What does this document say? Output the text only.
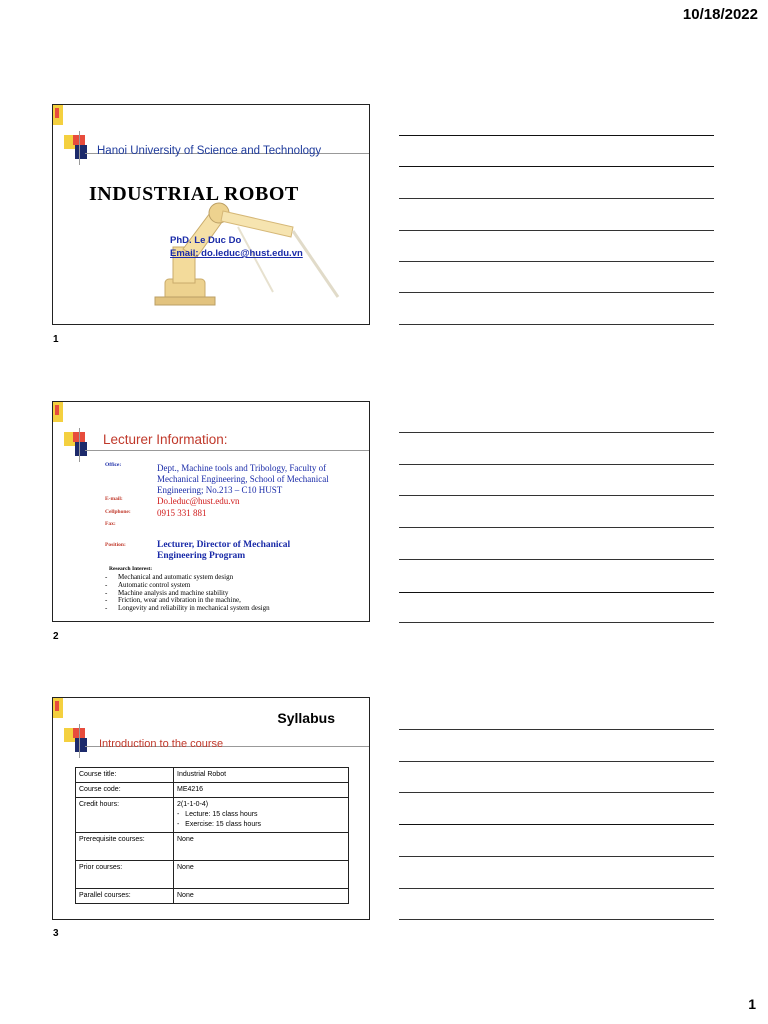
10/18/2022
Hanoi University of Science and Technology
INDUSTRIAL ROBOT
PhD. Le Duc Do
Email: do.leduc@hust.edu.vn
1
Lecturer Information:
Office:	Dept., Machine tools and Tribology, Faculty of Mechanical Engineering, School of Mechanical Engineering; No.213 – C10 HUST
E-mail:	Do.leduc@hust.edu.vn
Cellphone:	0915 331 881
Fax:
Position:	Lecturer, Director of Mechanical Engineering Program
Research Interest:
- Mechanical and automatic system design
- Automatic control system
- Machine analysis and machine stability
- Friction, wear and vibration in the machine,
- Longevity and reliability in mechanical system design
2
Syllabus
Introduction to the course
Course title:	Industrial Robot
Course code:	ME4216
Credit hours:	2(1-1-0-4)
-   Lecture: 15 class hours
-   Exercise: 15 class hours

Prerequisite courses:	None
Prior courses:	None
Parallel courses:	None
3
1
